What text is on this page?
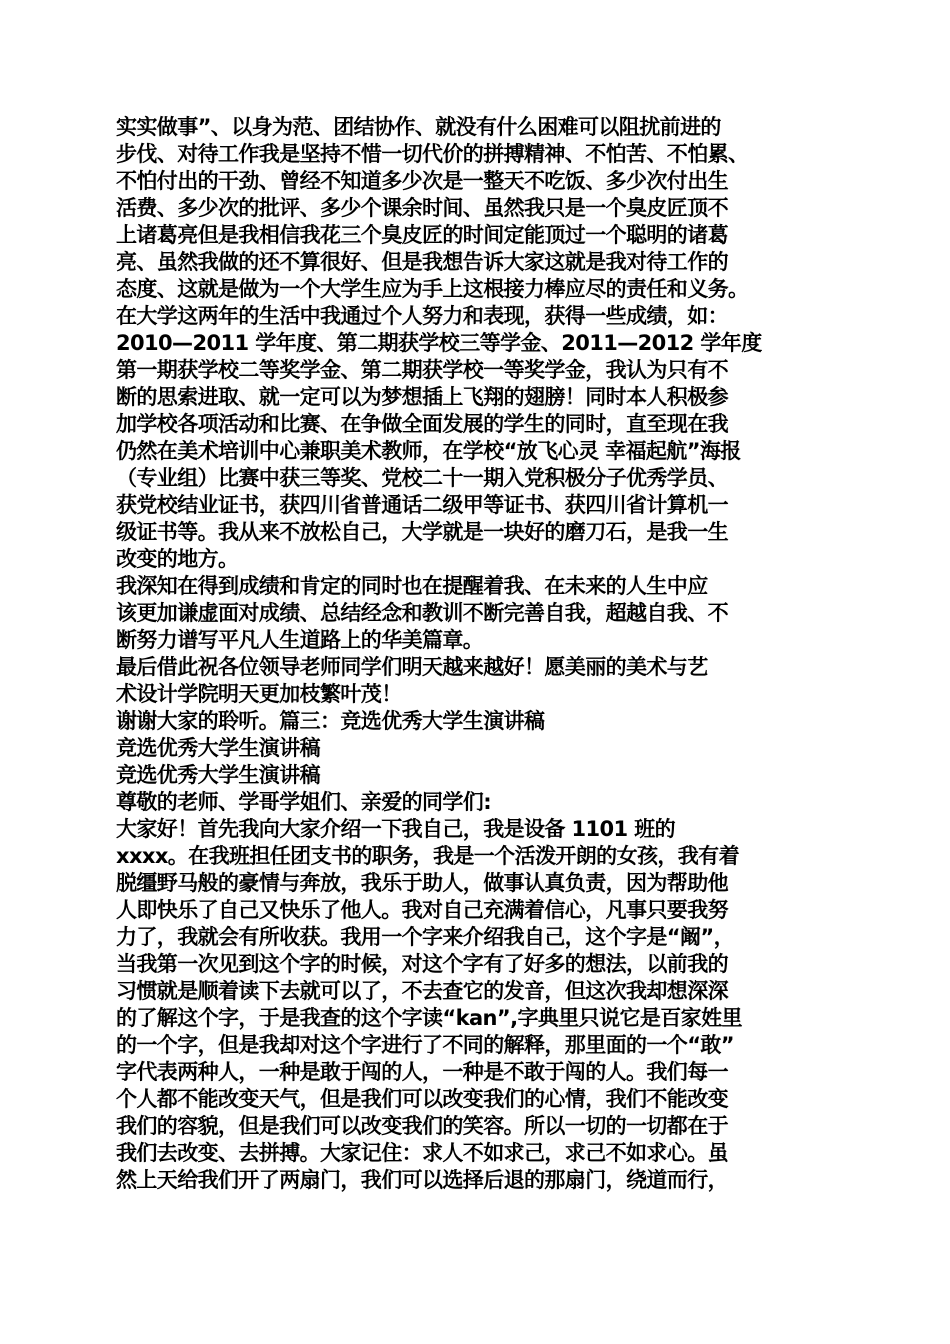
实实做事”、以身为范、团结协作、就没有什么困难可以阻扰前进的
步伐、对待工作我是坚持不惜一切代价的拼搏精神、不怕苦、不怕累、
不怕付出的干劲、曾经不知道多少次是一整天不吃饭、多少次付出生
活费、多少次的批评、多少个课余时间、虽然我只是一个臭皮匠顶不
上诸葛亮但是我相信我花三个臭皮匠的时间定能顶过一个聪明的诸葛
亮、虽然我做的还不算很好、但是我想告诉大家这就是我对待工作的
态度、这就是做为一个大学生应为手上这根接力棒应尽的责任和义务。
在大学这两年的生活中我通过个人努力和表现，获得一些成绩，如：
2010—2011 学年度、第二期获学校三等学金、2011—2012 学年度
第一期获学校二等奖学金、第二期获学校一等奖学金，我认为只有不
断的思索进取、就一定可以为梦想插上飞翔的翅膀！同时本人积极参
加学校各项活动和比赛、在争做全面发展的学生的同时，直至现在我
仍然在美术培训中心兼职美术教师，在学校“放飞心灵 幸福起航”海报
（专业组）比赛中获三等奖、党校二十一期入党积极分子优秀学员、
获党校结业证书，获四川省普通话二级甲等证书、获四川省计算机一
级证书等。我从来不放松自己，大学就是一块好的磨刀石，是我一生
改变的地方。
我深知在得到成绩和肯定的同时也在提醒着我、在未来的人生中应
该更加谦虚面对成绩、总结经念和教训不断完善自我，超越自我、不
断努力谱写平凡人生道路上的华美篇章。
最后借此祝各位领导老师同学们明天越来越好！愿美丽的美术与艺
术设计学院明天更加枝繁叶茂！
谢谢大家的聆听。篇三：竞选优秀大学生演讲稿
竞选优秀大学生演讲稿
竞选优秀大学生演讲稿
尊敬的老师、学哥学姐们、亲爱的同学们:
大家好！首先我向大家介绍一下我自己，我是设备 1101 班的
xxxx。在我班担任团支书的职务，我是一个活泼开朗的女孩，我有着
脱缰野马般的豪情与奔放，我乐于助人，做事认真负责，因为帮助他
人即快乐了自己又快乐了他人。我对自己充满着信心，凡事只要我努
力了，我就会有所收获。我用一个字来介绍我自己，这个字是“阚”，
当我第一次见到这个字的时候，对这个字有了好多的想法，以前我的
习惯就是顺着读下去就可以了，不去查它的发音，但这次我却想深深
的了解这个字，于是我查的这个字读“kan”,字典里只说它是百家姓里
的一个字，但是我却对这个字进行了不同的解释，那里面的一个“敢”
字代表两种人，一种是敢于闯的人，一种是不敢于闯的人。我们每一
个人都不能改变天气，但是我们可以改变我们的心情，我们不能改变
我们的容貌，但是我们可以改变我们的笑容。所以一切的一切都在于
我们去改变、去拼搏。大家记住：求人不如求己，求己不如求心。虽
然上天给我们开了两扇门，我们可以选择后退的那扇门，绕道而行，
